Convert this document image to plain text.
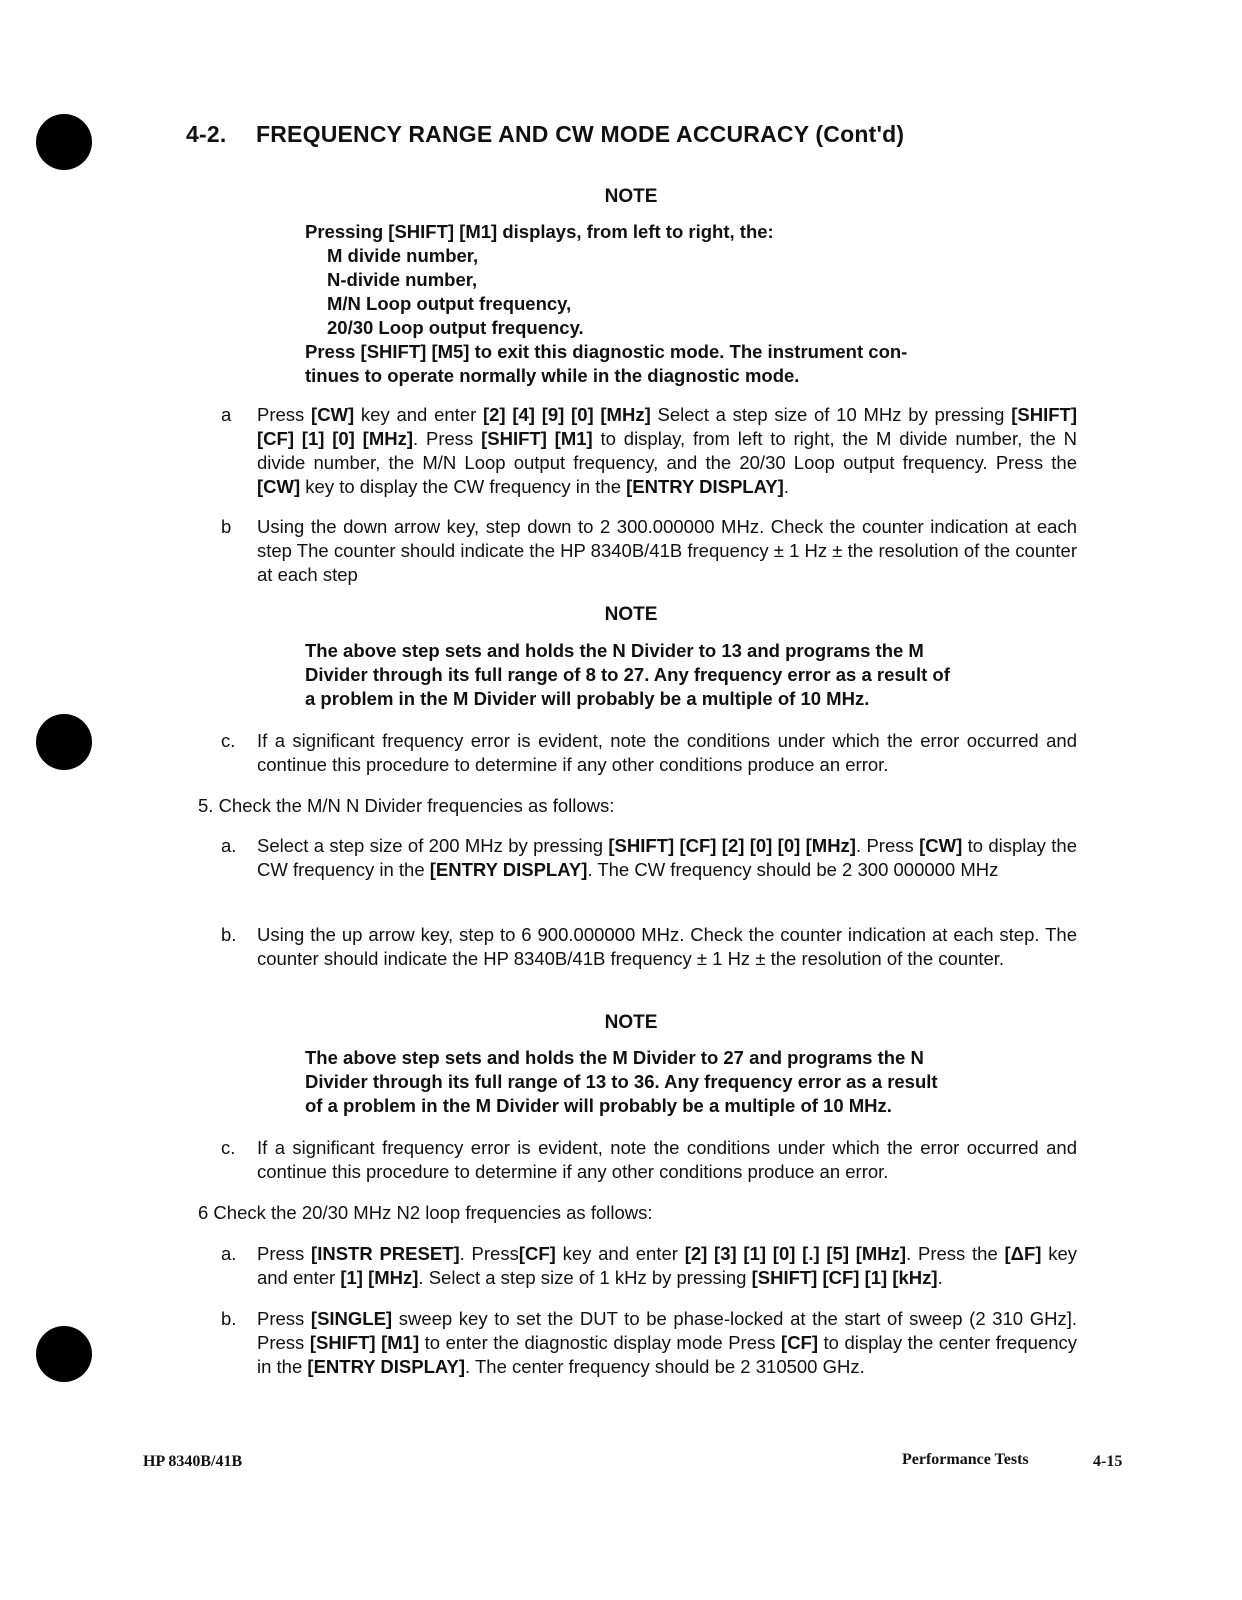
4-2. FREQUENCY RANGE AND CW MODE ACCURACY (Cont'd)
NOTE
Pressing [SHIFT] [M1] displays, from left to right, the:
M divide number,
N-divide number,
M/N Loop output frequency,
20/30 Loop output frequency.
Press [SHIFT] [M5] to exit this diagnostic mode. The instrument con-
tinues to operate normally while in the diagnostic mode.
a	Press [CW] key and enter [2] [4] [9] [0] [MHz] Select a step size of 10 MHz by pressing [SHIFT] [CF] [1] [0] [MHz]. Press [SHIFT] [M1] to display, from left to right, the M divide number, the N divide number, the M/N Loop output frequency, and the 20/30 Loop output frequency. Press the [CW] key to display the CW frequency in the [ENTRY DISPLAY].
b	Using the down arrow key, step down to 2 300.000000 MHz. Check the counter indication at each step The counter should indicate the HP 8340B/41B frequency ± 1 Hz ± the resolution of the counter at each step
NOTE
The above step sets and holds the N Divider to 13 and programs the M
Divider through its full range of 8 to 27. Any frequency error as a result of
a problem in the M Divider will probably be a multiple of 10 MHz.
c.	If a significant frequency error is evident, note the conditions under which the error occurred and continue this procedure to determine if any other conditions produce an error.
5. Check the M/N N Divider frequencies as follows:
a.	Select a step size of 200 MHz by pressing [SHIFT] [CF] [2] [0] [0] [MHz]. Press [CW] to display the CW frequency in the [ENTRY DISPLAY]. The CW frequency should be 2 300 000000 MHz
b.	Using the up arrow key, step to 6 900.000000 MHz. Check the counter indication at each step. The counter should indicate the HP 8340B/41B frequency ± 1 Hz ± the resolution of the counter.
NOTE
The above step sets and holds the M Divider to 27 and programs the N
Divider through its full range of 13 to 36. Any frequency error as a result
of a problem in the M Divider will probably be a multiple of 10 MHz.
c.	If a significant frequency error is evident, note the conditions under which the error occurred and continue this procedure to determine if any other conditions produce an error.
6 Check the 20/30 MHz N2 loop frequencies as follows:
a.	Press [INSTR PRESET]. Press[CF] key and enter [2] [3] [1] [0] [.] [5] [MHz]. Press the [ΔF] key and enter [1] [MHz]. Select a step size of 1 kHz by pressing [SHIFT] [CF] [1] [kHz].
b.	Press [SINGLE] sweep key to set the DUT to be phase-locked at the start of sweep (2 310 GHz]. Press [SHIFT] [M1] to enter the diagnostic display mode Press [CF] to display the center frequency in the [ENTRY DISPLAY]. The center frequency should be 2 310500 GHz.
HP 8340B/41B	Performance Tests	4-15
